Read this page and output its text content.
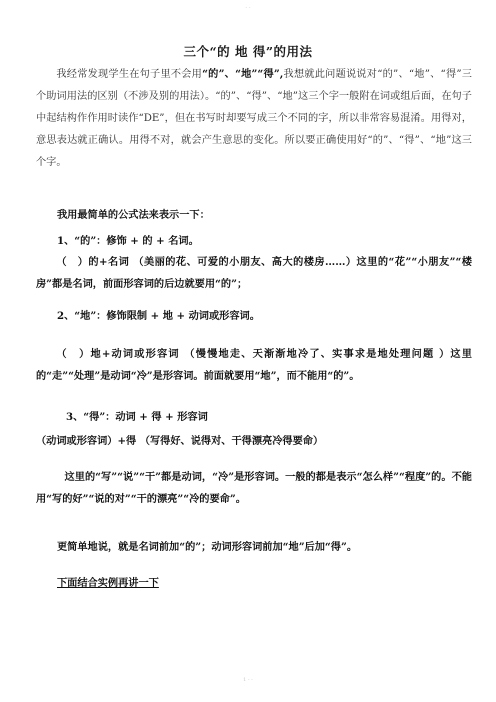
- -
三个“的 地 得”的用法

我经常发现学生在句子里不会用“的”、“地”“得”,我想就此问题说说对“的”、“地”、“得”三个助词用法的区别（不涉及别的用法）。“的”、“得”、“地”这三个字一般附在词或组后面，在句子中起结构作作用时读作“DE”，但在书写时却要写成三个不同的字，所以非常容易混淆。用得对，意思表达就正确认。用得不对，就会产生意思的变化。所以要正确使用好“的”、“得”、“地”这三个字。

我用最简单的公式法来表示一下：
1、“的”：修饰 + 的 + 名词。

（　）的+名词 （美丽的花、可爱的小朋友、高大的楼房……）这里的“花”“小朋友”“楼房”都是名词，前面形容词的后边就要用“的”；

2、“地”：修饰限制 + 地 + 动词或形容词。

（　）地+动词或形容词 （慢慢地走、天渐渐地冷了、实事求是地处理问题 ）这里的“走”“处理”是动词“冷”是形容词。前面就要用“地”，而不能用“的”。

3、“得”：动词 + 得 + 形容词
（动词或形容词）+得 （写得好、说得对、干得漂亮冷得要命）

这里的“写”“说”“干”都是动词，“冷”是形容词。一般的都是表示“怎么样”“程度”的。不能用“写的好”“说的对”“干的漂亮”“冷的要命”。

更简单地说，就是名词前加“的”；动词形容词前加“地”后加“得”。
下面结合实例再讲一下
1 - -
